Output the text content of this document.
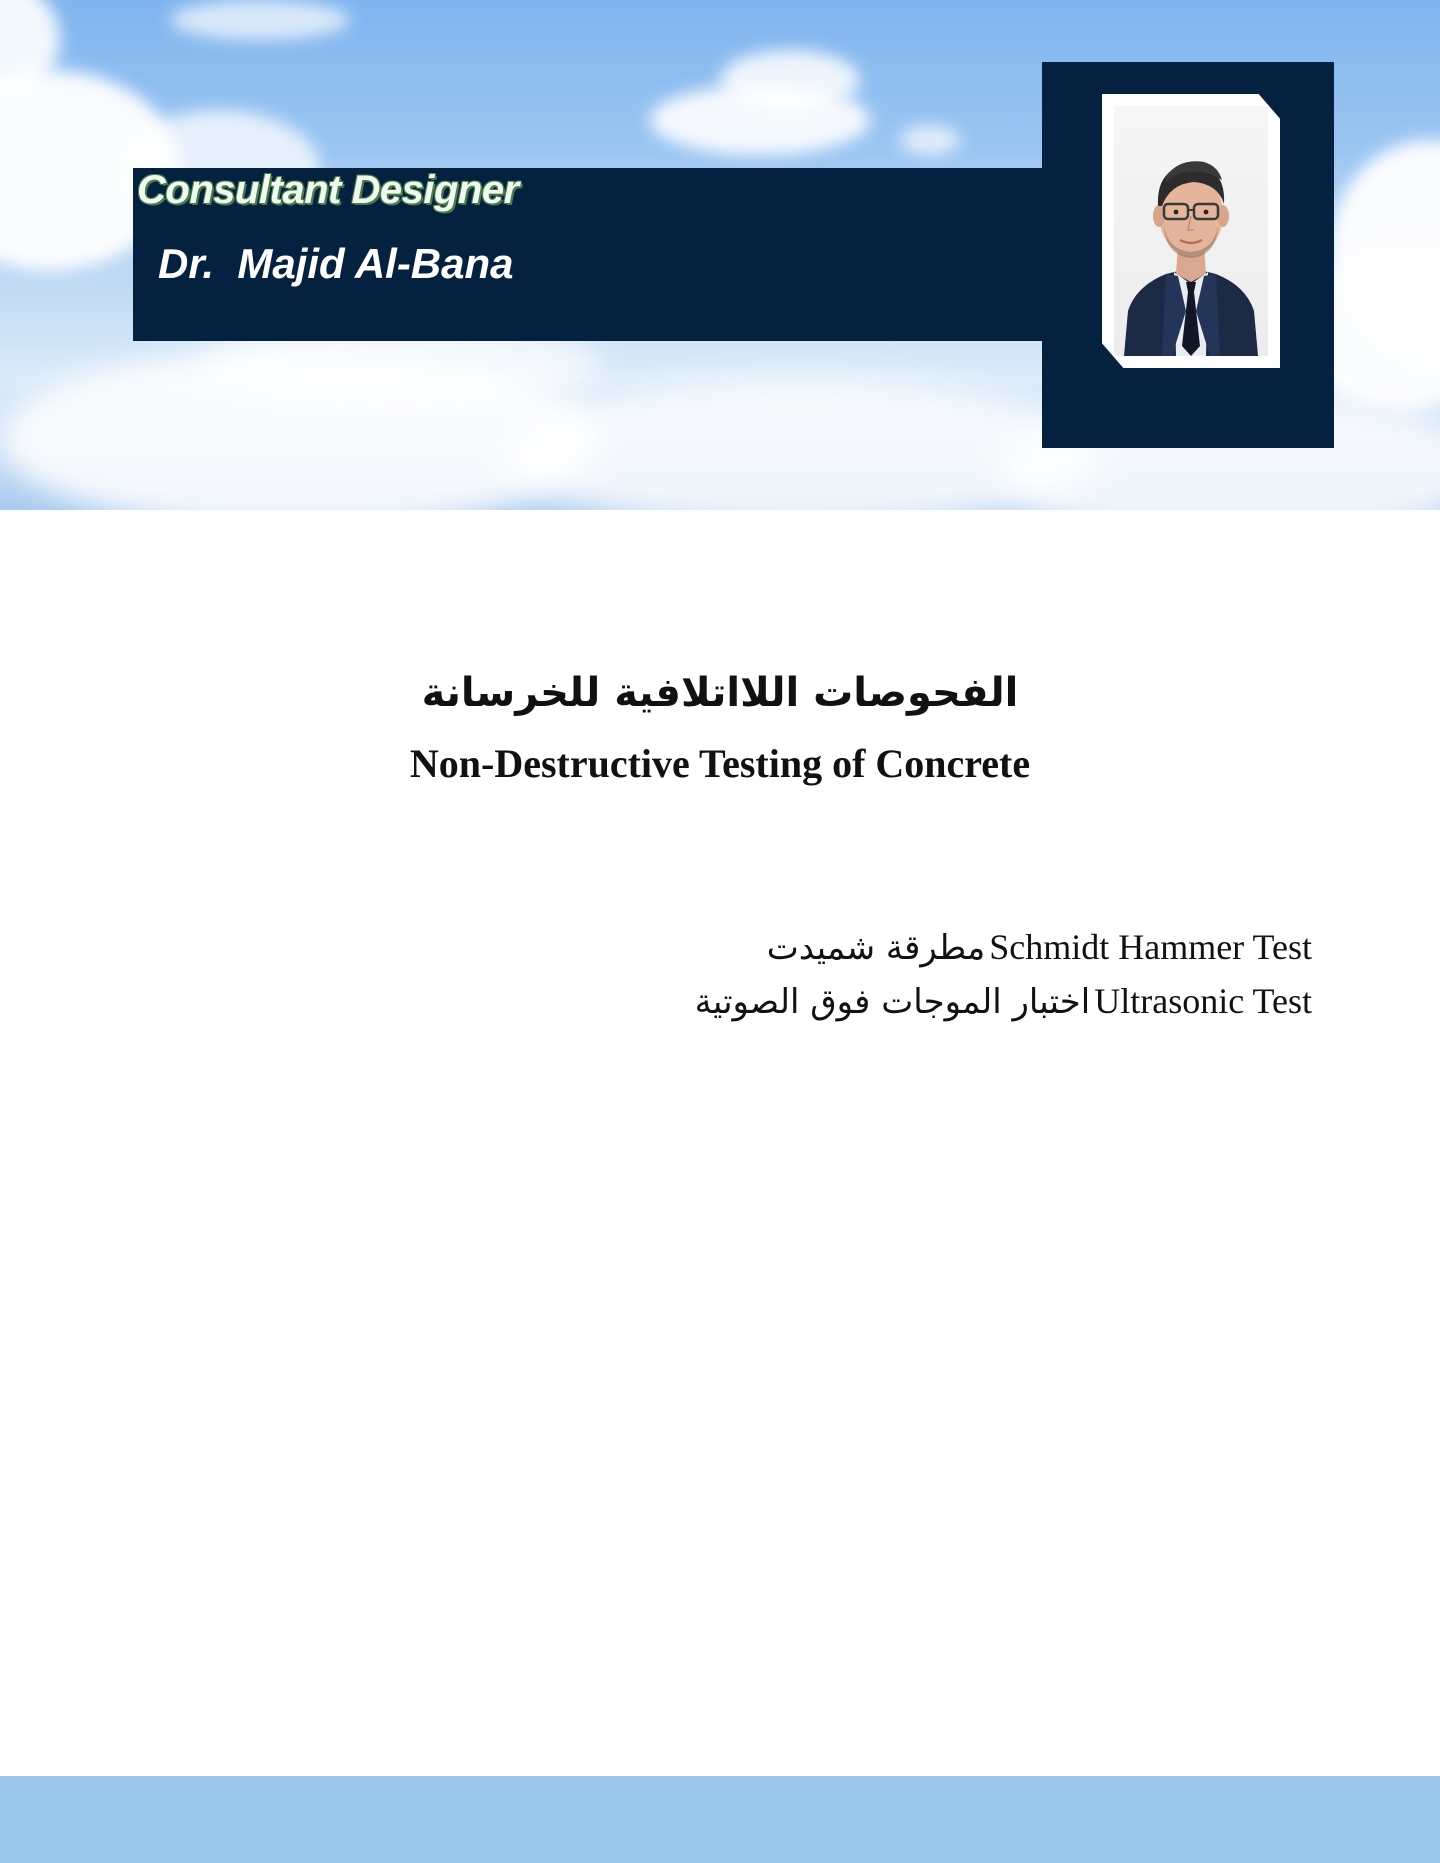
Consultant Designer
Dr.  Majid Al-Bana
الفحوصات اللااتلافية للخرسانة
Non-Destructive Testing of Concrete
مطرقة شميدت Schmidt Hammer Test
اختبار الموجات فوق الصوتية Ultrasonic Test
